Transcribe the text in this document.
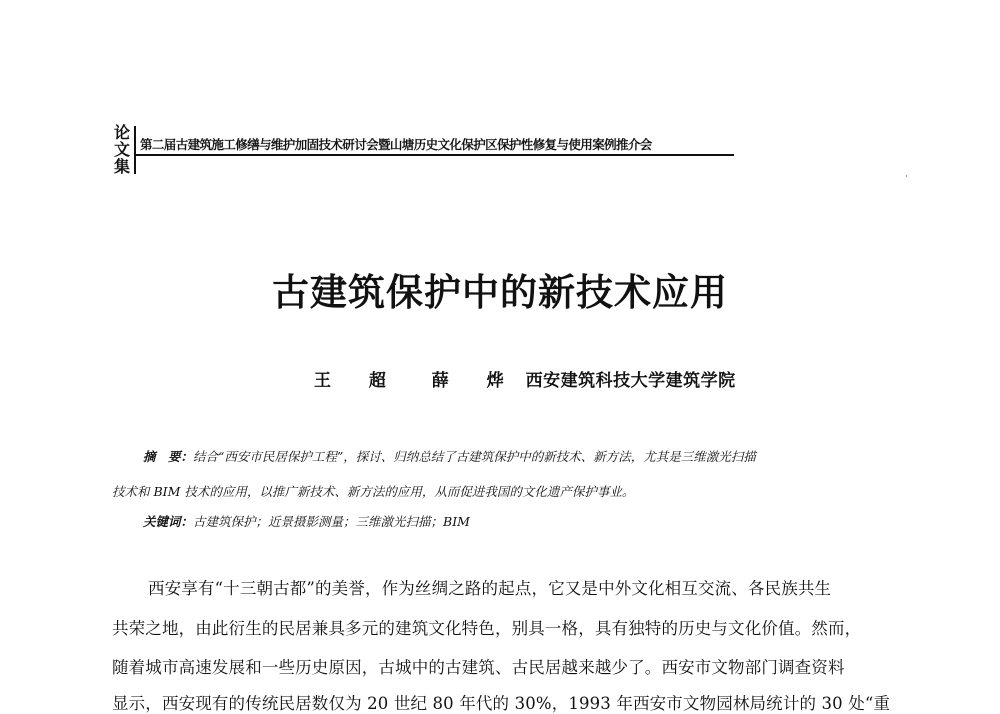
论
文
集
第二届古建筑施工修缮与维护加固技术研讨会暨山塘历史文化保护区保护性修复与使用案例推介会
古建筑保护中的新技术应用
王 超 薛 烨 西安建筑科技大学建筑学院
摘　要：结合“西安市民居保护工程”，探讨、归纳总结了古建筑保护中的新技术、新方法，尤其是三维激光扫描
技术和 BIM 技术的应用，以推广新技术、新方法的应用，从而促进我国的文化遗产保护事业。
关键词：古建筑保护；近景摄影测量；三维激光扫描；BIM
西安享有“十三朝古都”的美誉，作为丝绸之路的起点，它又是中外文化相互交流、各民族共生
共荣之地，由此衍生的民居兼具多元的建筑文化特色，别具一格，具有独特的历史与文化价值。然而，
随着城市高速发展和一些历史原因，古城中的古建筑、古民居越来越少了。西安市文物部门调查资料
显示，西安现有的传统民居数仅为 20 世纪 80 年代的 30%，1993 年西安市文物园林局统计的 30 处“重
